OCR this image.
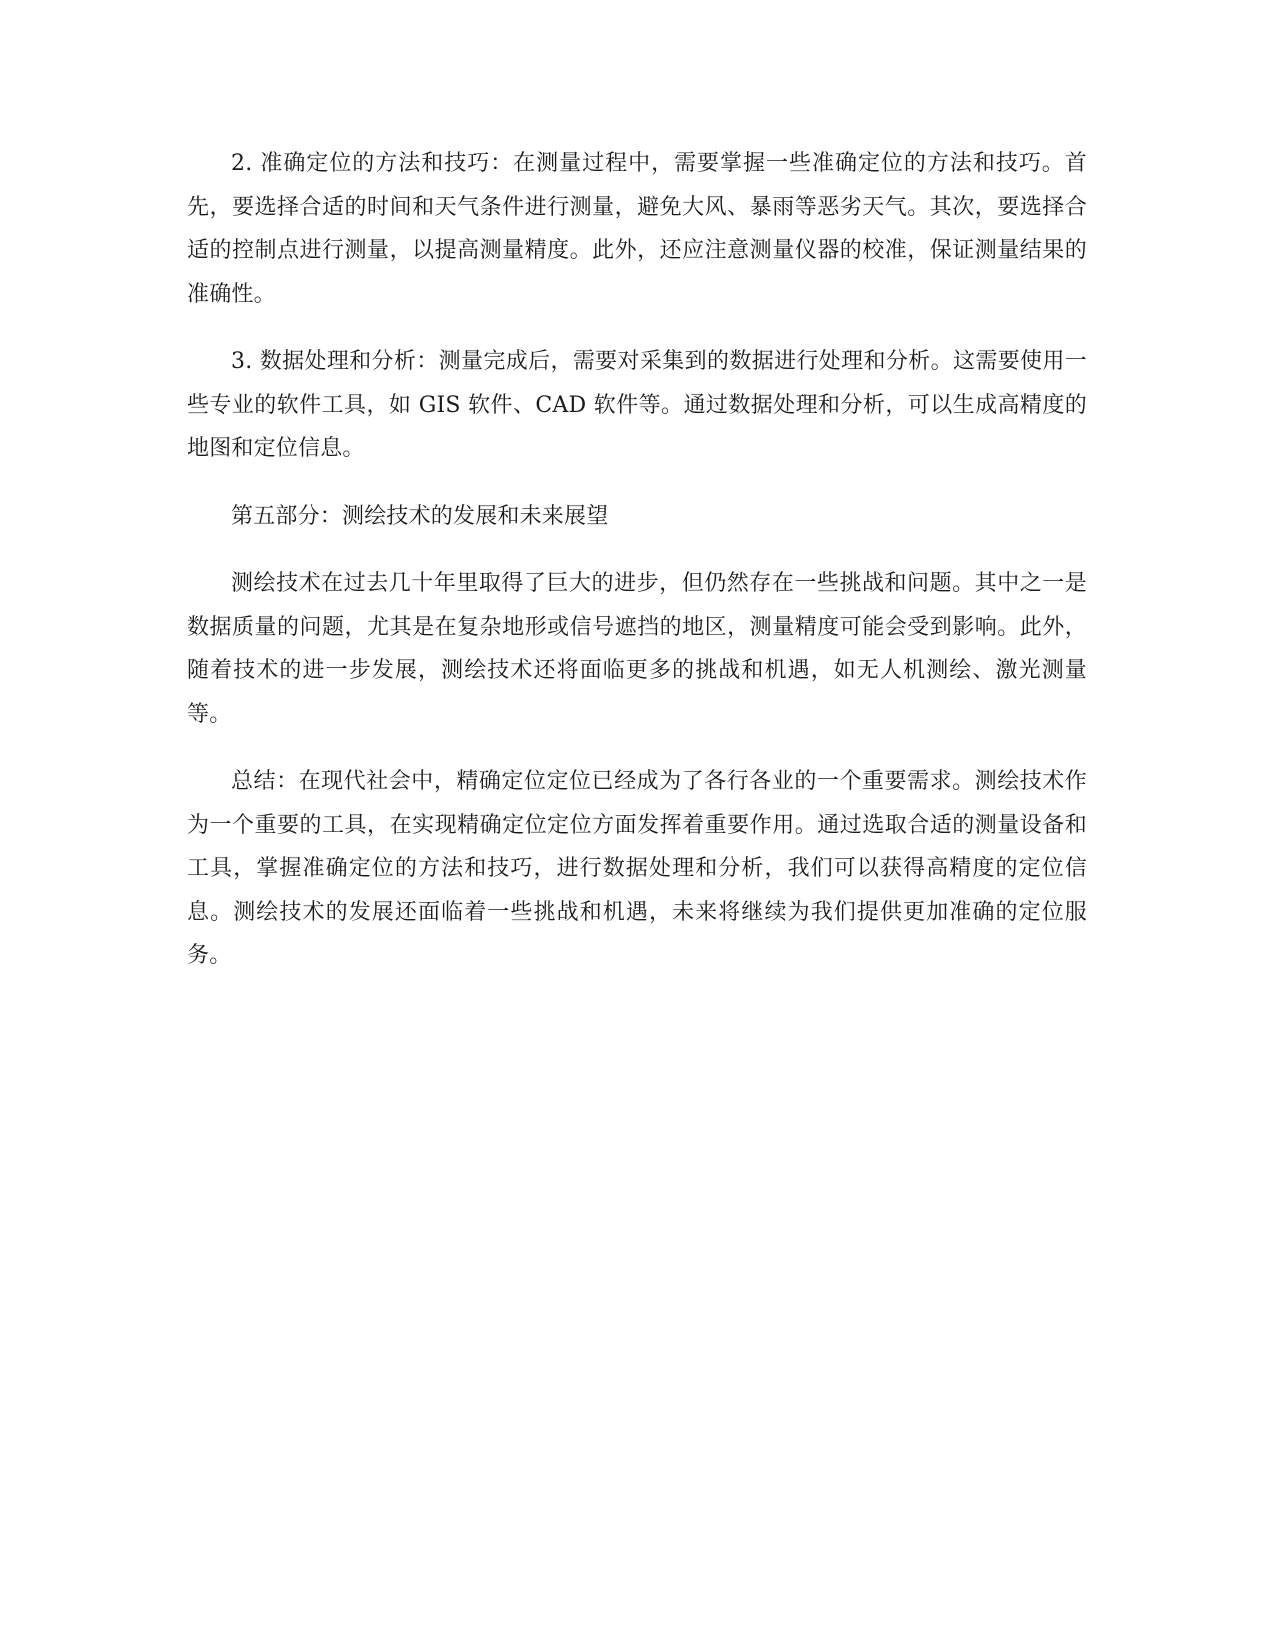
2. 准确定位的方法和技巧：在测量过程中，需要掌握一些准确定位的方法和技巧。首先，要选择合适的时间和天气条件进行测量，避免大风、暴雨等恶劣天气。其次，要选择合适的控制点进行测量，以提高测量精度。此外，还应注意测量仪器的校准，保证测量结果的准确性。

3. 数据处理和分析：测量完成后，需要对采集到的数据进行处理和分析。这需要使用一些专业的软件工具，如 GIS 软件、CAD 软件等。通过数据处理和分析，可以生成高精度的地图和定位信息。

第五部分：测绘技术的发展和未来展望

测绘技术在过去几十年里取得了巨大的进步，但仍然存在一些挑战和问题。其中之一是数据质量的问题，尤其是在复杂地形或信号遮挡的地区，测量精度可能会受到影响。此外，随着技术的进一步发展，测绘技术还将面临更多的挑战和机遇，如无人机测绘、激光测量等。

总结：在现代社会中，精确定位定位已经成为了各行各业的一个重要需求。测绘技术作为一个重要的工具，在实现精确定位定位方面发挥着重要作用。通过选取合适的测量设备和工具，掌握准确定位的方法和技巧，进行数据处理和分析，我们可以获得高精度的定位信息。测绘技术的发展还面临着一些挑战和机遇，未来将继续为我们提供更加准确的定位服务。
